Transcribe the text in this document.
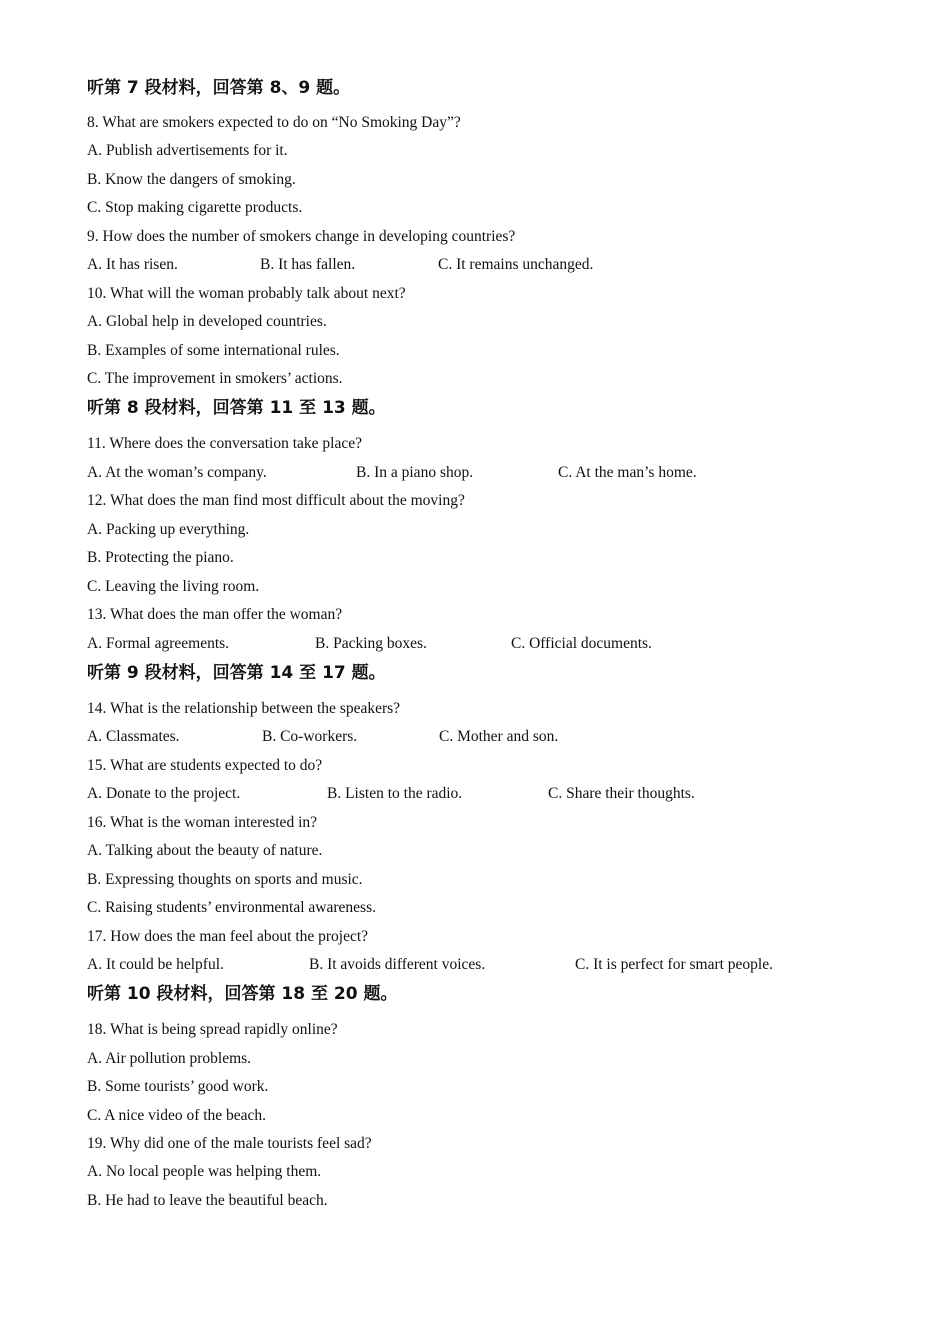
听第 7 段材料，回答第 8、9 题。
8. What are smokers expected to do on “No Smoking Day”?
A. Publish advertisements for it.
B. Know the dangers of smoking.
C. Stop making cigarette products.
9. How does the number of smokers change in developing countries?
A. It has risen.	B. It has fallen.	C. It remains unchanged.
10. What will the woman probably talk about next?
A. Global help in developed countries.
B. Examples of some international rules.
C. The improvement in smokers’ actions.
听第 8 段材料，回答第 11 至 13 题。
11. Where does the conversation take place?
A. At the woman’s company.	B. In a piano shop.	C. At the man’s home.
12. What does the man find most difficult about the moving?
A. Packing up everything.
B. Protecting the piano.
C. Leaving the living room.
13. What does the man offer the woman?
A. Formal agreements.	B. Packing boxes.	C. Official documents.
听第 9 段材料，回答第 14 至 17 题。
14. What is the relationship between the speakers?
A. Classmates.	B. Co-workers.	C. Mother and son.
15. What are students expected to do?
A. Donate to the project.	B. Listen to the radio.	C. Share their thoughts.
16. What is the woman interested in?
A. Talking about the beauty of nature.
B. Expressing thoughts on sports and music.
C. Raising students’ environmental awareness.
17. How does the man feel about the project?
A. It could be helpful.	B. It avoids different voices.	C. It is perfect for smart people.
听第 10 段材料，回答第 18 至 20 题。
18. What is being spread rapidly online?
A. Air pollution problems.
B. Some tourists’ good work.
C. A nice video of the beach.
19. Why did one of the male tourists feel sad?
A. No local people was helping them.
B. He had to leave the beautiful beach.
